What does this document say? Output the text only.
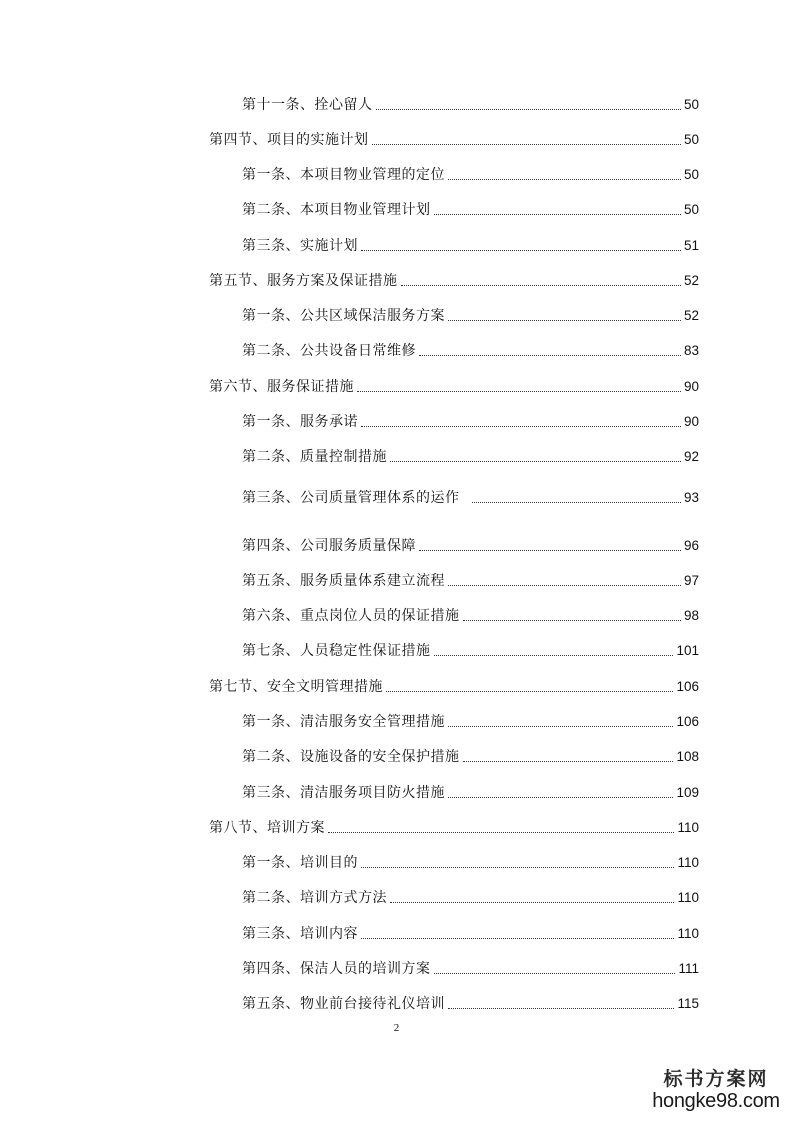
第十一条、拴心留人	50
第四节、项目的实施计划	50
第一条、本项目物业管理的定位	50
第二条、本项目物业管理计划	50
第三条、实施计划	51
第五节、服务方案及保证措施	52
第一条、公共区域保洁服务方案	52
第二条、公共设备日常维修	83
第六节、服务保证措施	90
第一条、服务承诺	90
第二条、质量控制措施	92
第三条、公司质量管理体系的运作	93
第四条、公司服务质量保障	96
第五条、服务质量体系建立流程	97
第六条、重点岗位人员的保证措施	98
第七条、人员稳定性保证措施	101
第七节、安全文明管理措施	106
第一条、清洁服务安全管理措施	106
第二条、设施设备的安全保护措施	108
第三条、清洁服务项目防火措施	109
第八节、培训方案	110
第一条、培训目的	110
第二条、培训方式方法	110
第三条、培训内容	110
第四条、保洁人员的培训方案	111
第五条、物业前台接待礼仪培训	115
2
标书方案网
hongke98.com
